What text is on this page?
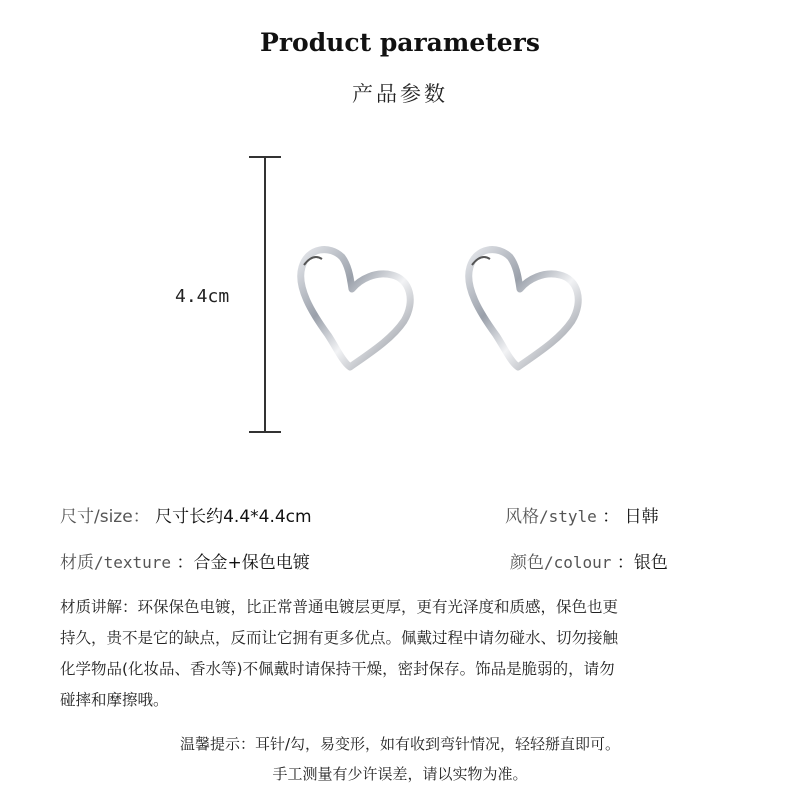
Product parameters
产品参数
4.4cm
尺寸/size： 尺寸长约4.4*4.4cm	风格/style ： 日韩
材质/texture ：合金+保色电镀	颜色/colour ：银色
材质讲解：环保保色电镀，比正常普通电镀层更厚，更有光泽度和质感，保色也更
持久，贵不是它的缺点，反而让它拥有更多优点。佩戴过程中请勿碰水、切勿接触
化学物品(化妆品、香水等)不佩戴时请保持干燥，密封保存。饰品是脆弱的，请勿
碰摔和摩擦哦。
温馨提示：耳针/勾，易变形，如有收到弯针情况，轻轻掰直即可。
手工测量有少许误差，请以实物为准。
